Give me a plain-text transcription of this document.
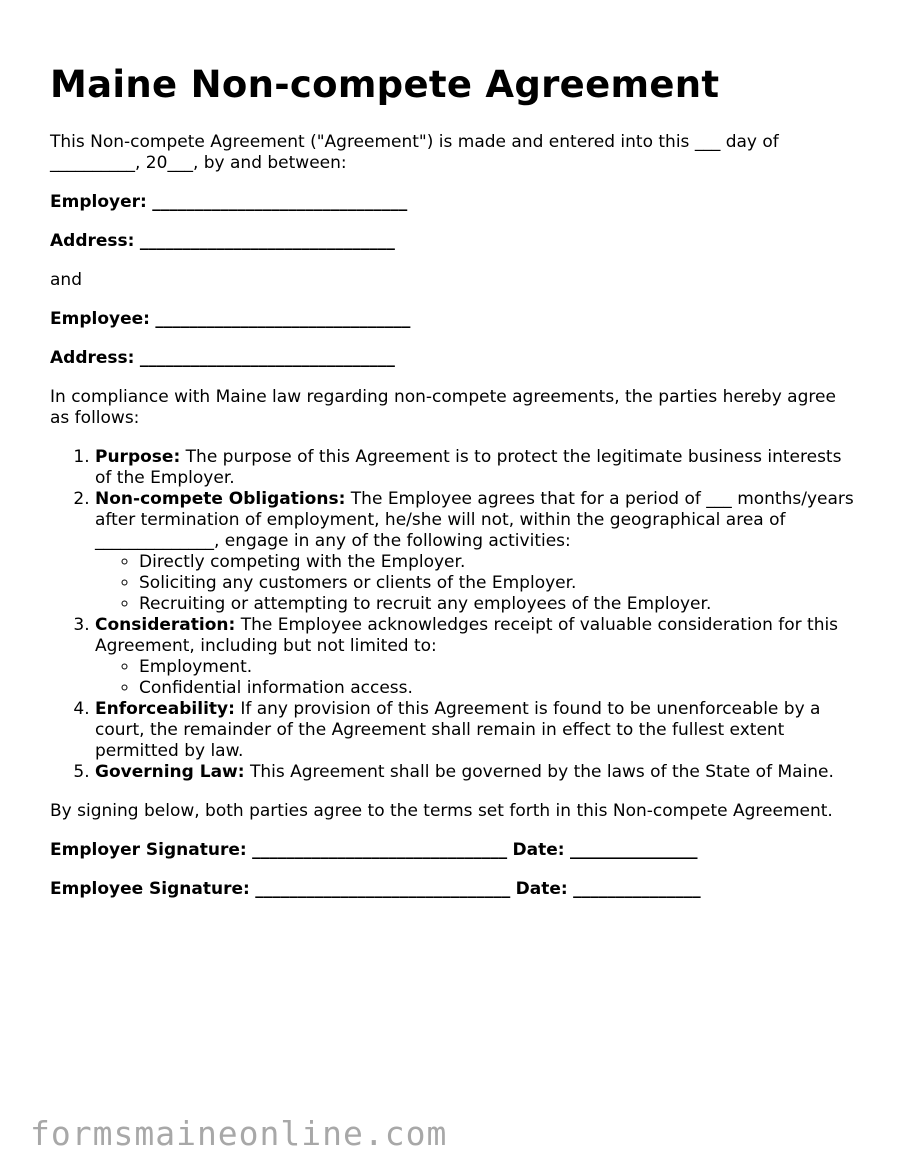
Maine Non-compete Agreement

This Non-compete Agreement ("Agreement") is made and entered into this ___ day of __________, 20___, by and between:

Employer: ______________________________

Address: ______________________________

and

Employee: ______________________________

Address: ______________________________

In compliance with Maine law regarding non-compete agreements, the parties hereby agree as follows:

1. Purpose: The purpose of this Agreement is to protect the legitimate business interests of the Employer.
2. Non-compete Obligations: The Employee agrees that for a period of ___ months/years after termination of employment, he/she will not, within the geographical area of ______________, engage in any of the following activities:
◦ Directly competing with the Employer.
◦ Soliciting any customers or clients of the Employer.
◦ Recruiting or attempting to recruit any employees of the Employer.
3. Consideration: The Employee acknowledges receipt of valuable consideration for this Agreement, including but not limited to:
◦ Employment.
◦ Confidential information access.
4. Enforceability: If any provision of this Agreement is found to be unenforceable by a court, the remainder of the Agreement shall remain in effect to the fullest extent permitted by law.
5. Governing Law: This Agreement shall be governed by the laws of the State of Maine.

By signing below, both parties agree to the terms set forth in this Non-compete Agreement.

Employer Signature: ______________________________ Date: _______________

Employee Signature: ______________________________ Date: _______________

formsmaineonline.com
